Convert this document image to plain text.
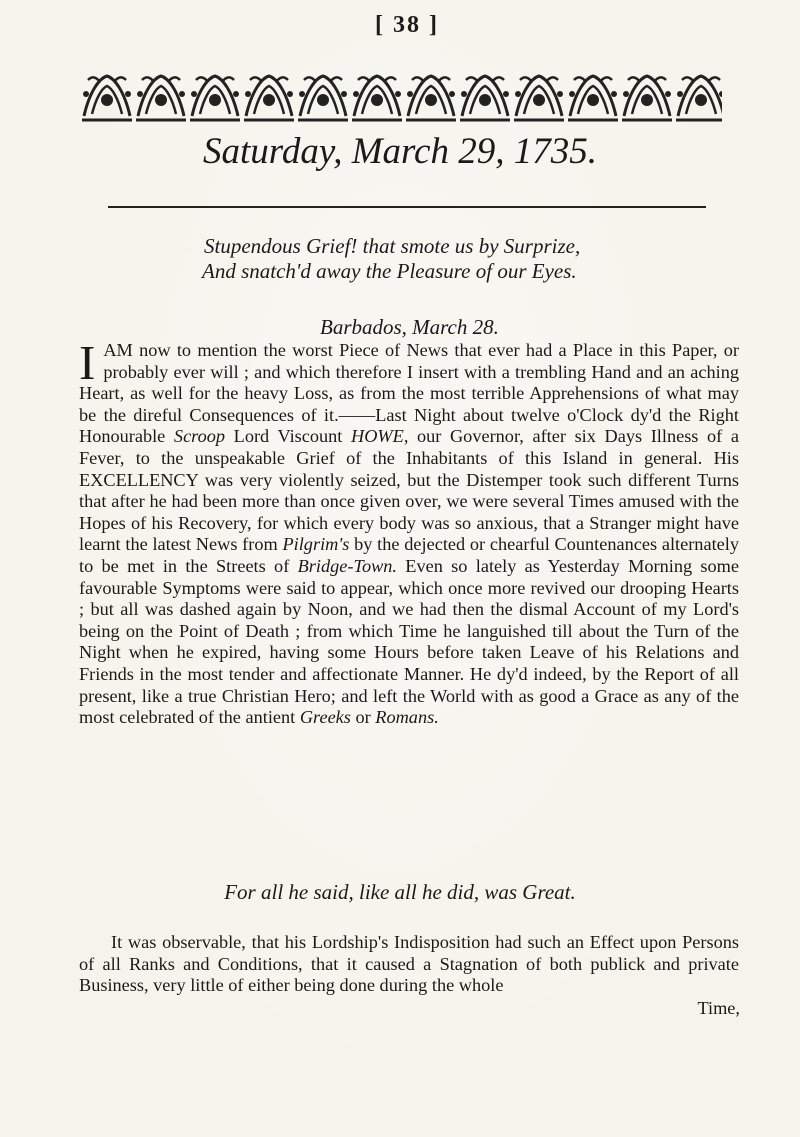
[ 38 ]
Saturday, March 29, 1735.
Stupendous Grief! that smote us by Surprize,
And snatch'd away the Pleasure of our Eyes.
Barbados, March 28.
I AM now to mention the worst Piece of News that ever had a Place in this Paper, or probably ever will ; and which therefore I insert with a trembling Hand and an aching Heart, as well for the heavy Loss, as from the most terrible Apprehensions of what may be the direful Consequences of it.——Last Night about twelve o'Clock dy'd the Right Honourable Scroop Lord Viscount HOWE, our Governor, after six Days Illness of a Fever, to the unspeakable Grief of the Inhabitants of this Island in general. His EXCELLENCY was very violently seized, but the Distemper took such different Turns that after he had been more than once given over, we were several Times amused with the Hopes of his Recovery, for which every body was so anxious, that a Stranger might have learnt the latest News from Pilgrim's by the dejected or chearful Countenances alternately to be met in the Streets of Bridge-Town. Even so lately as Yesterday Morning some favourable Symptoms were said to appear, which once more revived our drooping Hearts ; but all was dashed again by Noon, and we had then the dismal Account of my Lord's being on the Point of Death ; from which Time he languished till about the Turn of the Night when he expired, having some Hours before taken Leave of his Relations and Friends in the most tender and affectionate Manner. He dy'd indeed, by the Report of all present, like a true Christian Hero; and left the World with as good a Grace as any of the most celebrated of the antient Greeks or Romans.
For all he said, like all he did, was Great.
It was observable, that his Lordship's Indisposition had such an Effect upon Persons of all Ranks and Conditions, that it caused a Stagnation of both publick and private Business, very little of either being done during the whole
Time,
